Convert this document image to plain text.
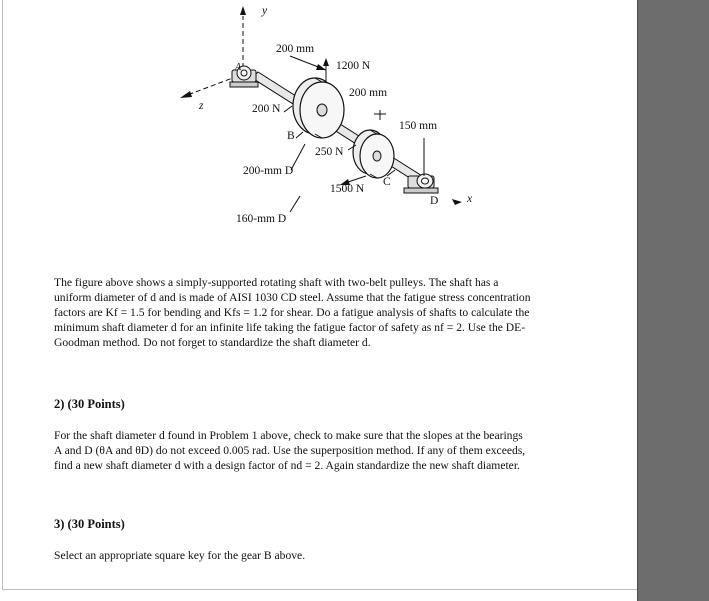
y
z
x
A
B
C
D
200 mm
1200 N
200 mm
150 mm
200 N
250 N
200-mm D
1500 N
160-mm D
The figure above shows a simply-supported rotating shaft with two-belt pulleys. The shaft has a
uniform diameter of d and is made of AISI 1030 CD steel. Assume that the fatigue stress concentration
factors are Kf = 1.5 for bending and Kfs = 1.2 for shear. Do a fatigue analysis of shafts to calculate the
minimum shaft diameter d for an infinite life taking the fatigue factor of safety as nf = 2. Use the DE-
Goodman method. Do not forget to standardize the shaft diameter d.
2) (30 Points)
For the shaft diameter d found in Problem 1 above, check to make sure that the slopes at the bearings
A and D (θA and θD) do not exceed 0.005 rad. Use the superposition method. If any of them exceeds,
find a new shaft diameter d with a design factor of nd = 2. Again standardize the new shaft diameter.
3) (30 Points)
Select an appropriate square key for the gear B above.
